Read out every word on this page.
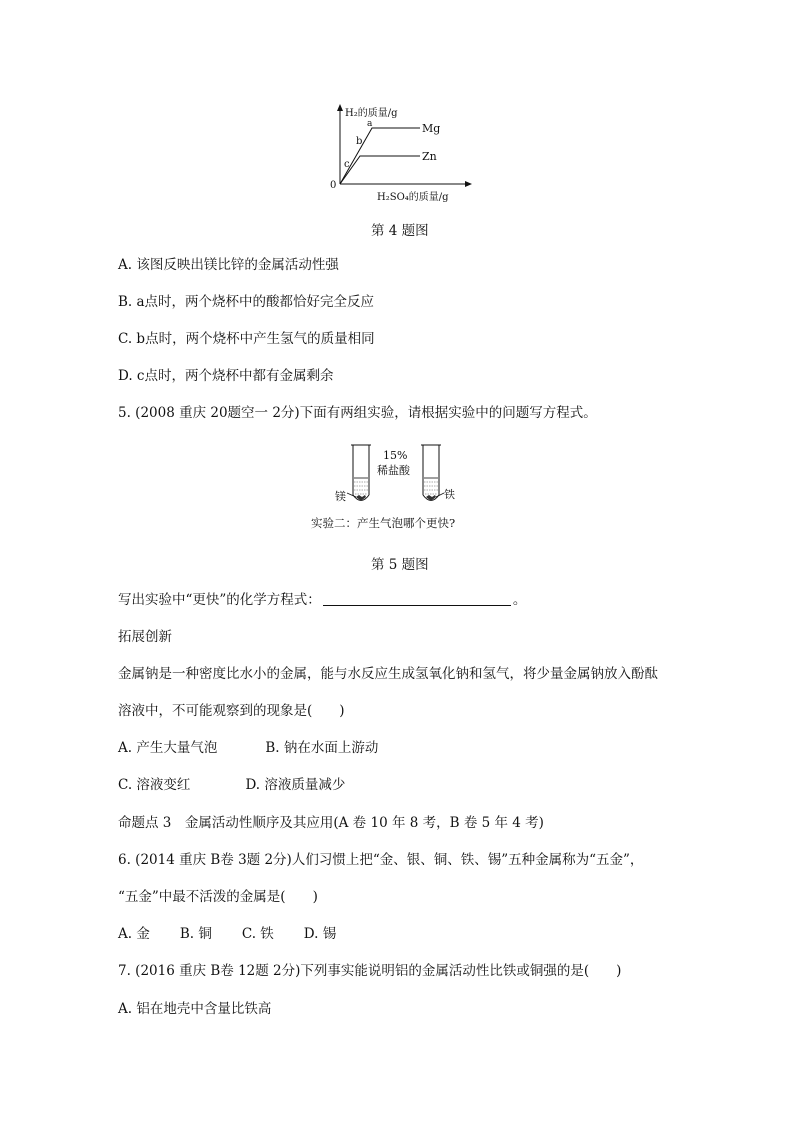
H₂的质量/g
a
b
c
0
Mg
Zn
H₂SO₄的质量/g
第 4 题图
A. 该图反映出镁比锌的金属活动性强
B. a点时，两个烧杯中的酸都恰好完全反应
C. b点时，两个烧杯中产生氢气的质量相同
D. c点时，两个烧杯中都有金属剩余
5. (2008 重庆 20题空一 2分)下面有两组实验，请根据实验中的问题写方程式。
15%
稀盐酸
镁	铁
实验二：产生气泡哪个更快?
第 5 题图
写出实验中“更快”的化学方程式：	。
拓展创新
金属钠是一种密度比水小的金属，能与水反应生成氢氧化钠和氢气，将少量金属钠放入酚酞
溶液中，不可能观察到的现象是(　　)
A. 产生大量气泡	B. 钠在水面上游动
C. 溶液变红	D. 溶液质量减少
命题点 3　金属活动性顺序及其应用(A 卷 10 年 8 考，B 卷 5 年 4 考)
6. (2014 重庆 B卷 3题 2分)人们习惯上把“金、银、铜、铁、锡”五种金属称为“五金”，
“五金”中最不活泼的金属是(　　)
A. 金 B. 铜 C. 铁 D. 锡
7. (2016 重庆 B卷 12题 2分)下列事实能说明铝的金属活动性比铁或铜强的是(　　)
A. 铝在地壳中含量比铁高
